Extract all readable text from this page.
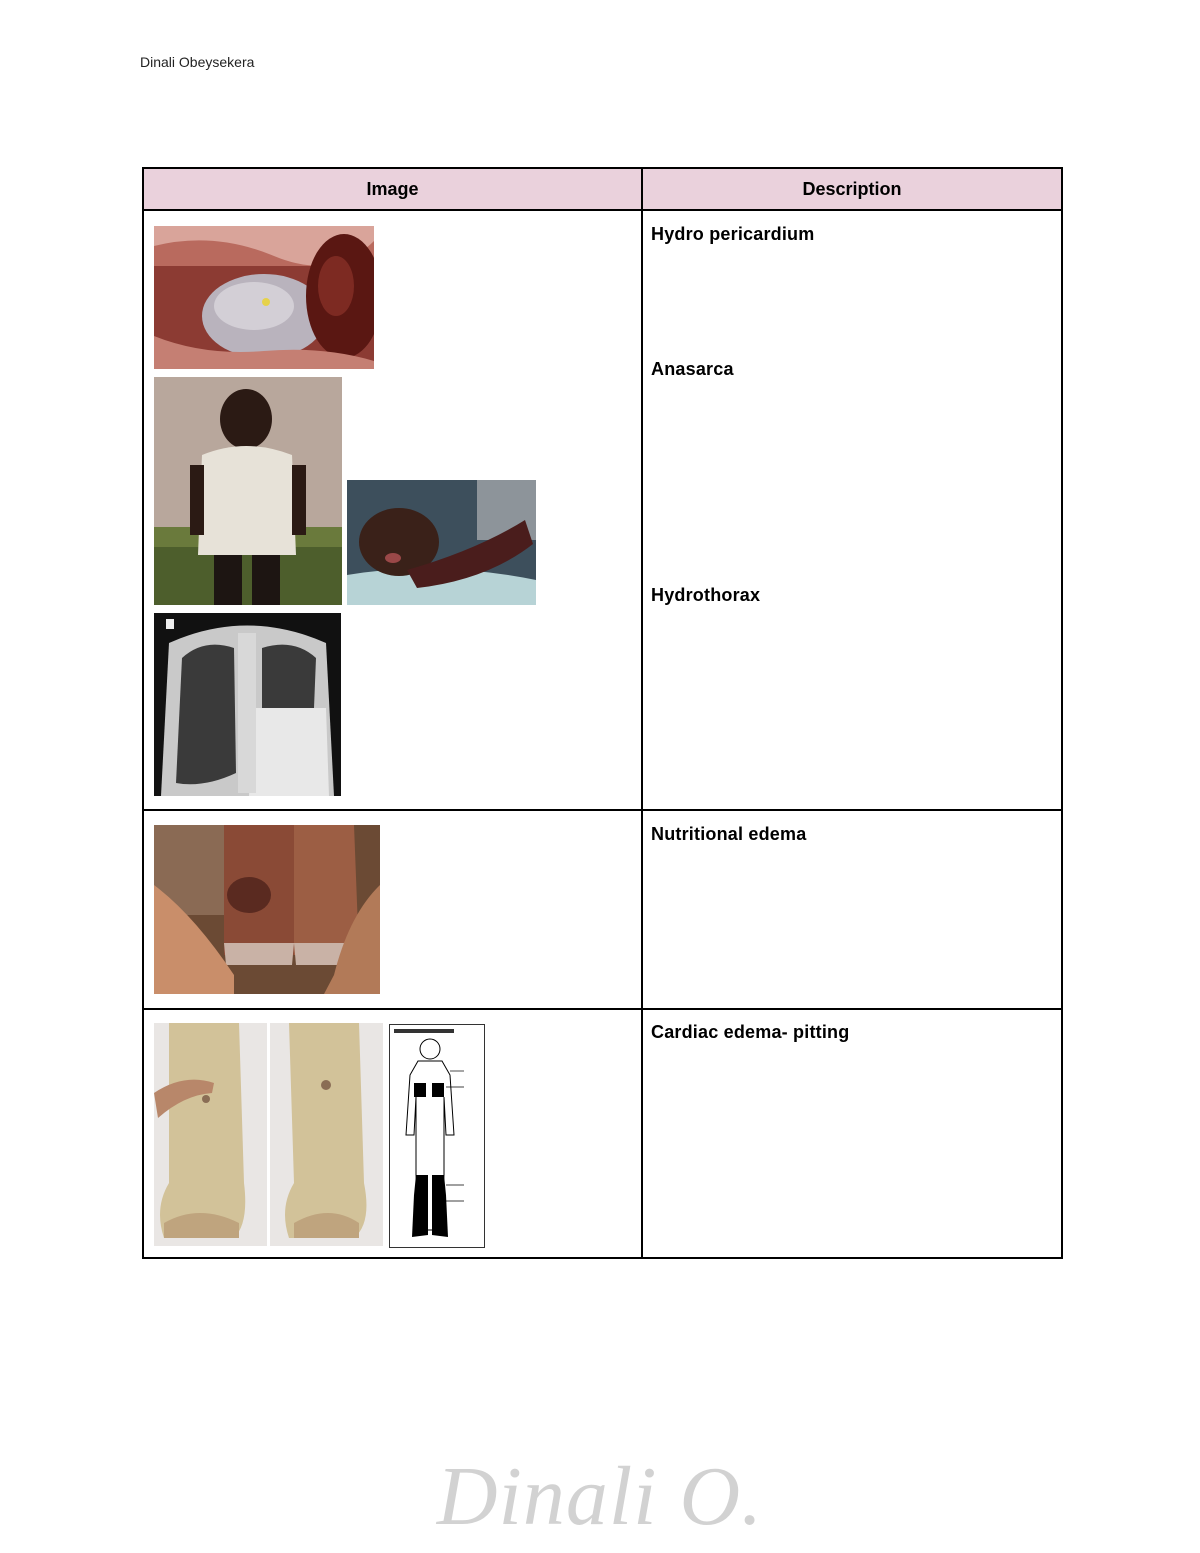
Dinali Obeysekera
Image	Description

Hydro pericardium
Anasarca
Hydrothorax

Nutritional edema

Cardiac edema- pitting
Dinali O.
